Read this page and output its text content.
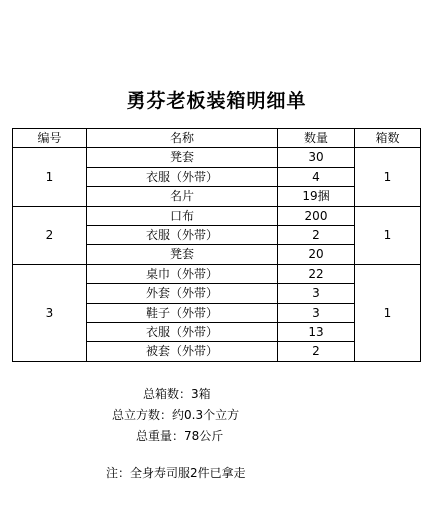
勇芬老板装箱明细单
编号	名称	数量	箱数
1	凳套	30	1
	衣服（外带）	4	
	名片	19捆	
2	口布	200	1
	衣服（外带）	2	
	凳套	20	
3	桌巾（外带）	22	1
	外套（外带）	3	
	鞋子（外带）	3	
	衣服（外带）	13	
	被套（外带）	2	
总箱数：3箱
总立方数：约0.3个立方
总重量：78公斤
注：全身寿司服2件已拿走
